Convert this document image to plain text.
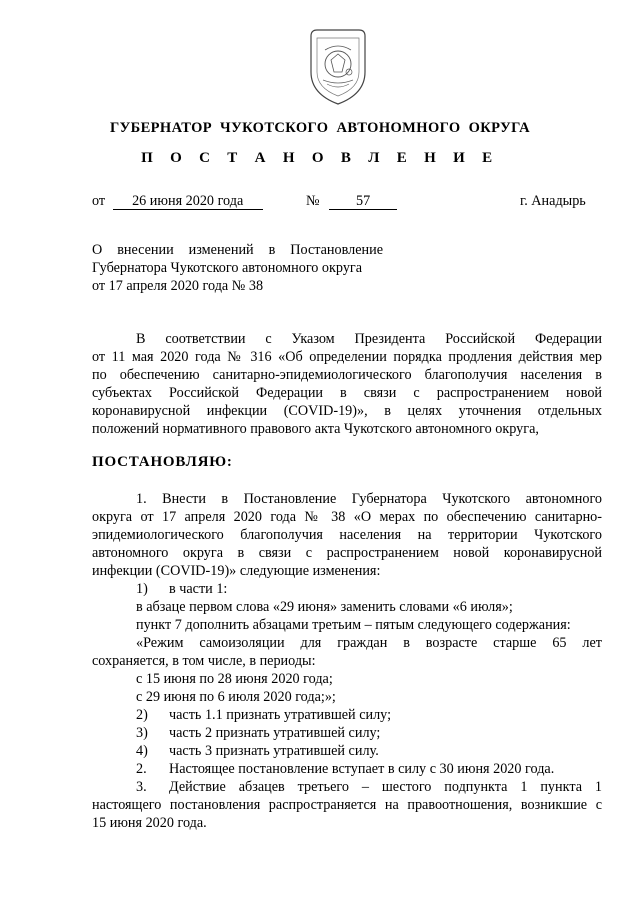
ГУБЕРНАТОР ЧУКОТСКОГО АВТОНОМНОГО ОКРУГА
П О С Т А Н О В Л Е Н И Е
от 26 июня 2020 года	№	57	г. Анадырь
О внесении изменений в Постановление
Губернатора Чукотского автономного округа
от 17 апреля 2020 года № 38
В соответствии с Указом Президента Российской Федерации
от 11 мая 2020 года № 316 «Об определении порядка продления действия мер
по обеспечению санитарно-эпидемиологического благополучия населения в
субъектах Российской Федерации в связи с распространением новой
коронавирусной инфекции (COVID-19)», в целях уточнения отдельных
положений нормативного правового акта Чукотского автономного округа,
ПОСТАНОВЛЯЮ:
1. Внести в Постановление Губернатора Чукотского автономного
округа от 17 апреля 2020 года № 38 «О мерах по обеспечению санитарно-
эпидемиологического благополучия населения на территории Чукотского
автономного округа в связи с распространением новой коронавирусной
инфекции (COVID-19)» следующие изменения:
1) в части 1:
в абзаце первом слова «29 июня» заменить словами «6 июля»;
пункт 7 дополнить абзацами третьим – пятым следующего содержания:
«Режим самоизоляции для граждан в возрасте старше 65 лет
сохраняется, в том числе, в периоды:
с 15 июня по 28 июня 2020 года;
с 29 июня по 6 июля 2020 года;»;
2) часть 1.1 признать утратившей силу;
3) часть 2 признать утратившей силу;
4) часть 3 признать утратившей силу.
2. Настоящее постановление вступает в силу с 30 июня 2020 года.
3. Действие абзацев третьего – шестого подпункта 1 пункта 1
настоящего постановления распространяется на правоотношения, возникшие с
15 июня 2020 года.
